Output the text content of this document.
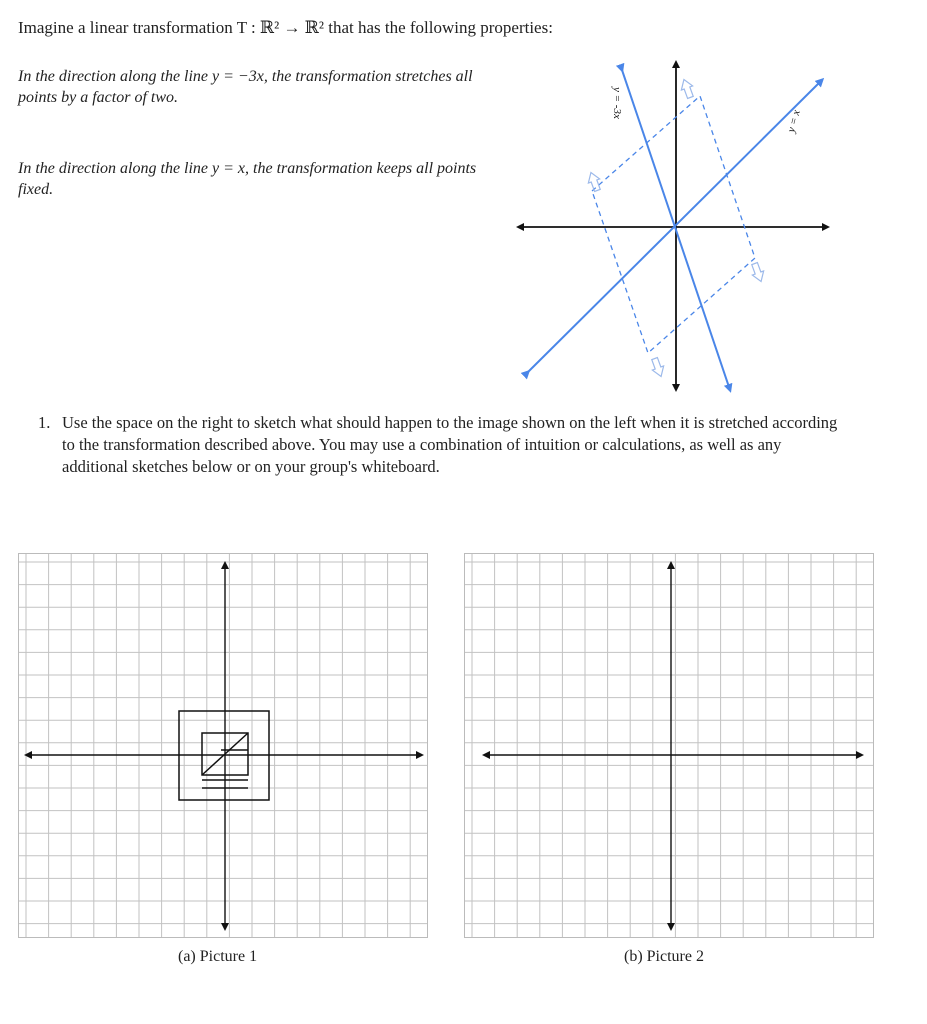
Imagine a linear transformation T : ℝ² → ℝ² that has the following properties:
In the direction along the line y = −3x, the transformation stretches all points by a factor of two.
In the direction along the line y = x, the transformation keeps all points fixed.
y = -3x
y = x
1. Use the space on the right to sketch what should happen to the image shown on the left when it is stretched according to the transformation described above. You may use a combination of intuition or calculations, as well as any additional sketches below or on your group's whiteboard.
(a) Picture 1	(b) Picture 2
